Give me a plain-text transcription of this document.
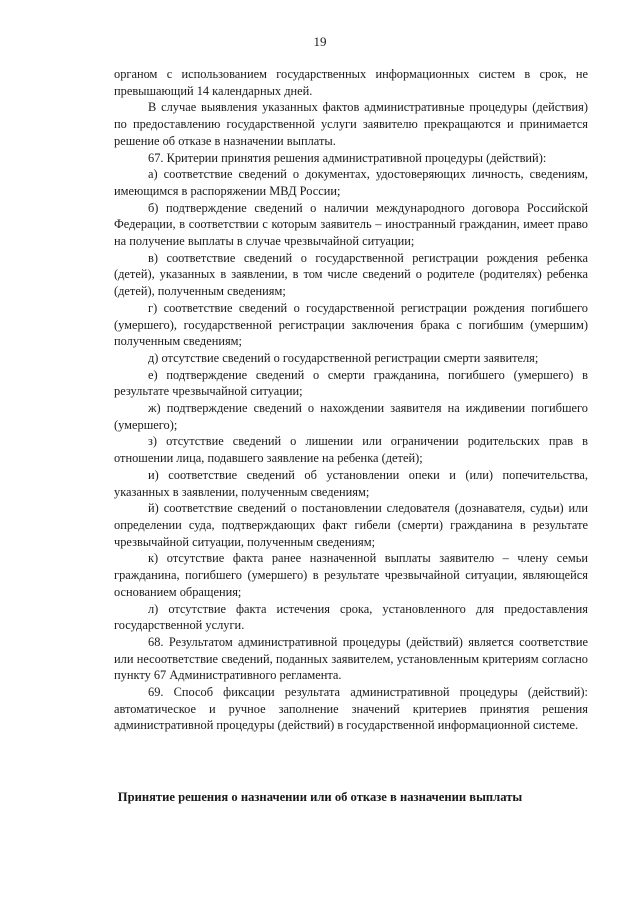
19

органом с использованием государственных информационных систем в срок, не превышающий 14 календарных дней.

В случае выявления указанных фактов административные процедуры (действия) по предоставлению государственной услуги заявителю прекращаются и принимается решение об отказе в назначении выплаты.

67. Критерии принятия решения административной процедуры (действий):

а) соответствие сведений о документах, удостоверяющих личность, сведениям, имеющимся в распоряжении МВД России;

б) подтверждение сведений о наличии международного договора Российской Федерации, в соответствии с которым заявитель – иностранный гражданин, имеет право на получение выплаты в случае чрезвычайной ситуации;

в) соответствие сведений о государственной регистрации рождения ребенка (детей), указанных в заявлении, в том числе сведений о родителе (родителях) ребенка (детей), полученным сведениям;

г) соответствие сведений о государственной регистрации рождения погибшего (умершего), государственной регистрации заключения брака с погибшим (умершим) полученным сведениям;

д) отсутствие сведений о государственной регистрации смерти заявителя;

е) подтверждение сведений о смерти гражданина, погибшего (умершего) в результате чрезвычайной ситуации;

ж) подтверждение сведений о нахождении заявителя на иждивении погибшего (умершего);

з) отсутствие сведений о лишении или ограничении родительских прав в отношении лица, подавшего заявление на ребенка (детей);

и) соответствие сведений об установлении опеки и (или) попечительства, указанных в заявлении, полученным сведениям;

й) соответствие сведений о постановлении следователя (дознавателя, судьи) или определении суда, подтверждающих факт гибели (смерти) гражданина в результате чрезвычайной ситуации, полученным сведениям;

к) отсутствие факта ранее назначенной выплаты заявителю – члену семьи гражданина, погибшего (умершего) в результате чрезвычайной ситуации, являющейся основанием обращения;

л) отсутствие факта истечения срока, установленного для предоставления государственной услуги.

68. Результатом административной процедуры (действий) является соответствие или несоответствие сведений, поданных заявителем, установленным критериям согласно пункту 67 Административного регламента.

69. Способ фиксации результата административной процедуры (действий): автоматическое и ручное заполнение значений критериев принятия решения административной процедуры (действий) в государственной информационной системе.

Принятие решения о назначении или об отказе в назначении выплаты
